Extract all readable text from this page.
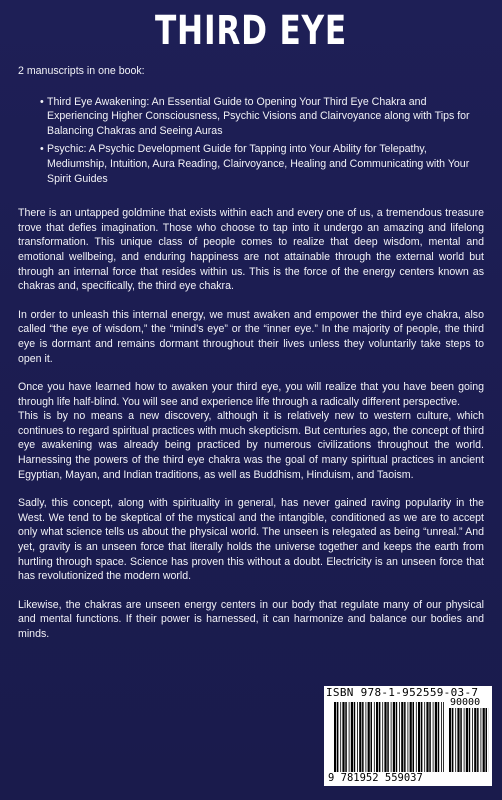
THIRD EYE
2 manuscripts in one book:
• Third Eye Awakening: An Essential Guide to Opening Your Third Eye Chakra and Experiencing Higher Consciousness, Psychic Visions and Clairvoyance along with Tips for Balancing Chakras and Seeing Auras
• Psychic: A Psychic Development Guide for Tapping into Your Ability for Telepathy, Mediumship, Intuition, Aura Reading, Clairvoyance, Healing and Communicating with Your Spirit Guides

There is an untapped goldmine that exists within each and every one of us, a tremendous treasure trove that defies imagination. Those who choose to tap into it undergo an amazing and lifelong transformation. This unique class of people comes to realize that deep wisdom, mental and emotional wellbeing, and enduring happiness are not attainable through the external world but through an internal force that resides within us. This is the force of the energy centers known as chakras and, specifically, the third eye chakra.

In order to unleash this internal energy, we must awaken and empower the third eye chakra, also called “the eye of wisdom,” the “mind's eye” or the “inner eye.” In the majority of people, the third eye is dormant and remains dormant throughout their lives unless they voluntarily take steps to open it.

Once you have learned how to awaken your third eye, you will realize that you have been going through life half-blind. You will see and experience life through a radically different perspective.

This is by no means a new discovery, although it is relatively new to western culture, which continues to regard spiritual practices with much skepticism. But centuries ago, the concept of third eye awakening was already being practiced by numerous civilizations throughout the world. Harnessing the powers of the third eye chakra was the goal of many spiritual practices in ancient Egyptian, Mayan, and Indian traditions, as well as Buddhism, Hinduism, and Taoism.

Sadly, this concept, along with spirituality in general, has never gained raving popularity in the West. We tend to be skeptical of the mystical and the intangible, conditioned as we are to accept only what science tells us about the physical world. The unseen is relegated as being “unreal.” And yet, gravity is an unseen force that literally holds the universe together and keeps the earth from hurtling through space. Science has proven this without a doubt. Electricity is an unseen force that has revolutionized the modern world.

Likewise, the chakras are unseen energy centers in our body that regulate many of our physical and mental functions. If their power is harnessed, it can harmonize and balance our bodies and minds.

ISBN 978-1-952559-03-7
90000
9 781952 559037
